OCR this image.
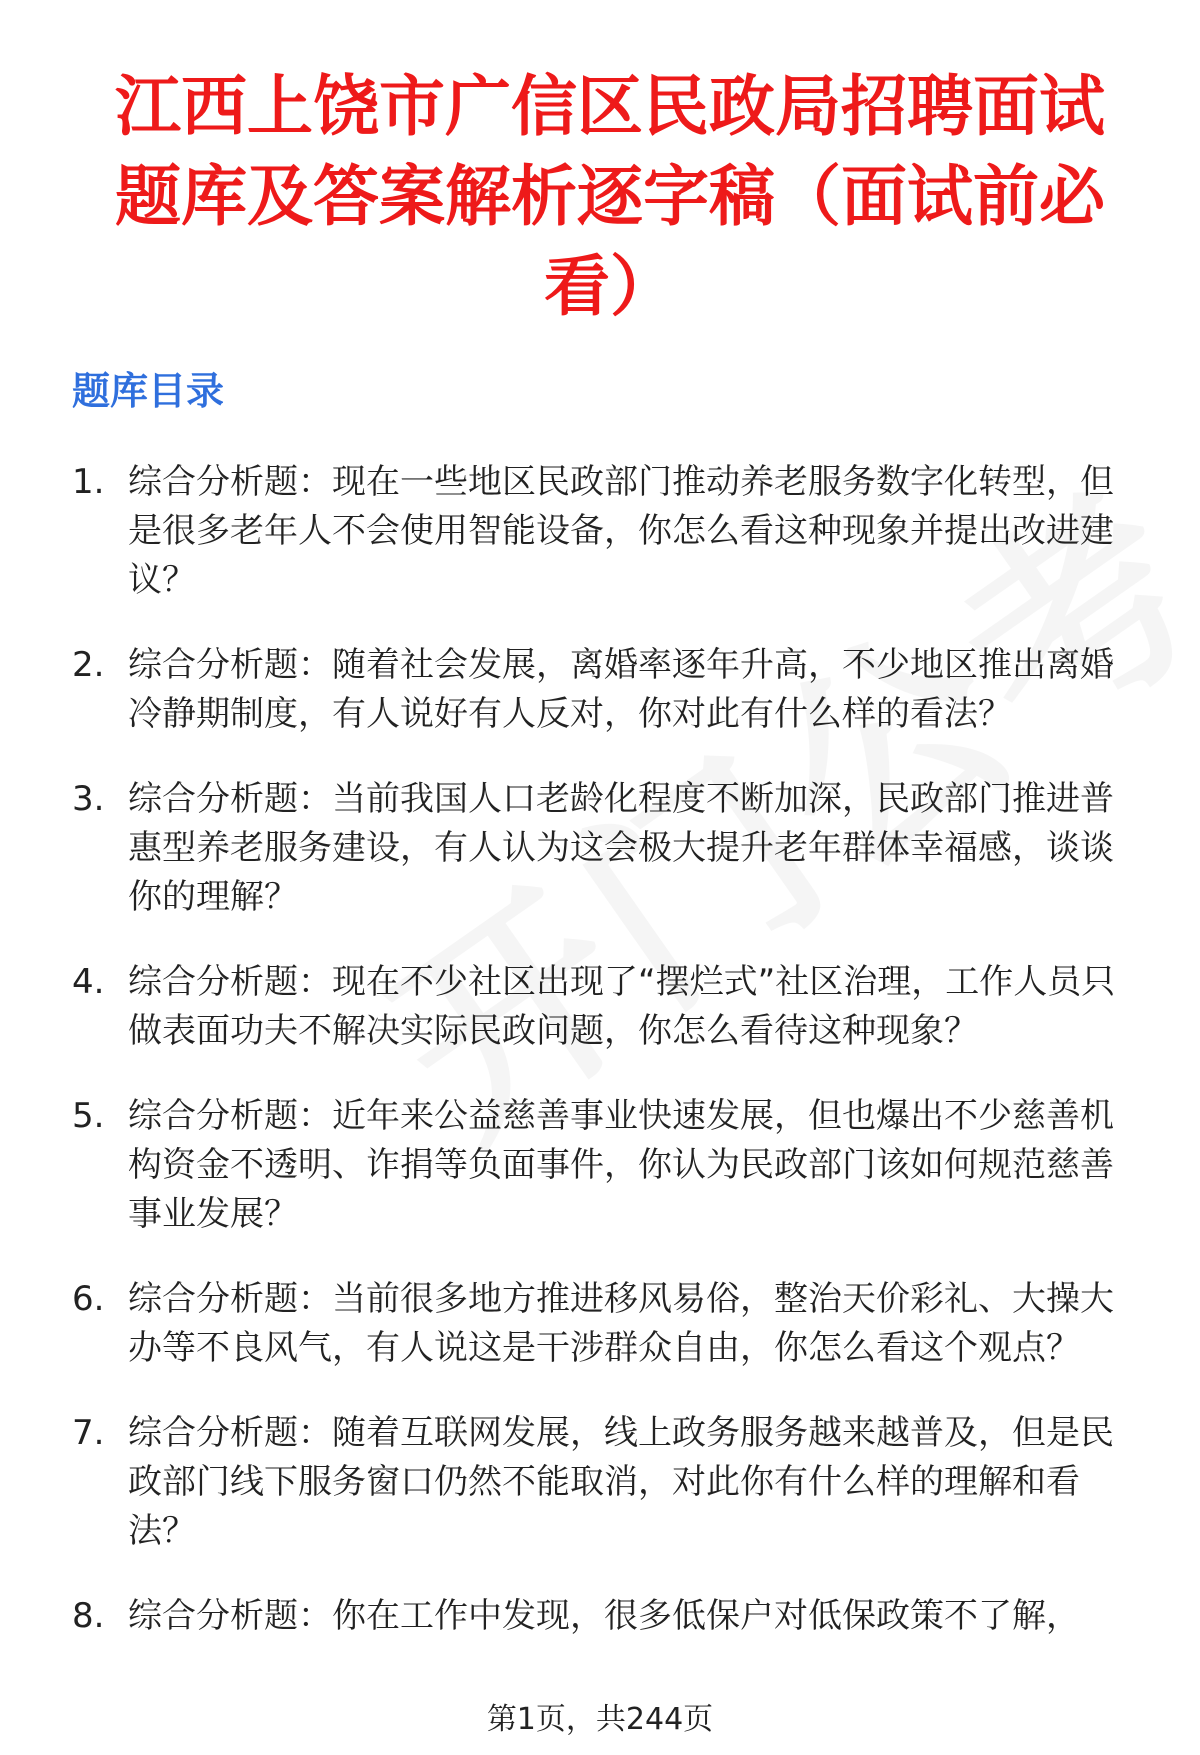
江西上饶市广信区民政局招聘面试题库及答案解析逐字稿（面试前必看）
题库目录
1. 综合分析题：现在一些地区民政部门推动养老服务数字化转型，但是很多老年人不会使用智能设备，你怎么看这种现象并提出改进建议？
2. 综合分析题：随着社会发展，离婚率逐年升高，不少地区推出离婚冷静期制度，有人说好有人反对，你对此有什么样的看法？
3. 综合分析题：当前我国人口老龄化程度不断加深，民政部门推进普惠型养老服务建设，有人认为这会极大提升老年群体幸福感，谈谈你的理解？
4. 综合分析题：现在不少社区出现了“摆烂式”社区治理，工作人员只做表面功夫不解决实际民政问题，你怎么看待这种现象？
5. 综合分析题：近年来公益慈善事业快速发展，但也爆出不少慈善机构资金不透明、诈捐等负面事件，你认为民政部门该如何规范慈善事业发展？
6. 综合分析题：当前很多地方推进移风易俗，整治天价彩礼、大操大办等不良风气，有人说这是干涉群众自由，你怎么看这个观点？
7. 综合分析题：随着互联网发展，线上政务服务越来越普及，但是民政部门线下服务窗口仍然不能取消，对此你有什么样的理解和看法？
8. 综合分析题：你在工作中发现，很多低保户对低保政策不了解，
第1页，共244页
